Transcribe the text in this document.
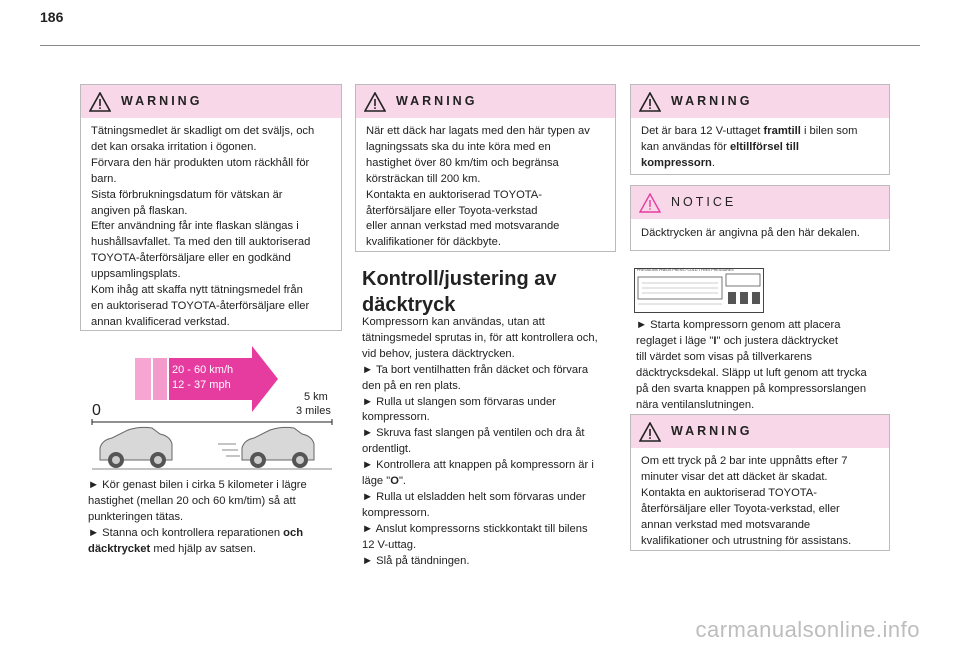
186
WARNING

Tätningsmedlet är skadligt om det sväljs, och

det kan orsaka irritation i ögonen.

Förvara den här produkten utom räckhåll för

barn.

Sista förbrukningsdatum för vätskan är

angiven på flaskan.

Efter användning får inte flaskan slängas i

hushållsavfallet. Ta med den till auktoriserad

TOYOTA-återförsäljare eller en godkänd

uppsamlingsplats.

Kom ihåg att skaffa nytt tätningsmedel från

en auktoriserad TOYOTA-återförsäljare eller

annan kvalificerad verkstad.

20 - 60 km/h
12 - 37 mph
0
5 km
3 miles

► Kör genast bilen i cirka 5 kilometer i lägre

hastighet (mellan 20 och 60 km/tim) så att

punkteringen tätas.

► Stanna och kontrollera reparationen och

däcktrycket med hjälp av satsen.

WARNING

När ett däck har lagats med den här typen av

lagningssats ska du inte köra med en

hastighet över 80 km/tim och begränsa

körsträckan till 200 km.

Kontakta en auktoriserad TOYOTA-

återförsäljare eller Toyota-verkstad

eller annan verkstad med motsvarande

kvalifikationer för däckbyte.

Kontroll/justering av
däcktryck

Kompressorn kan användas, utan att

tätningsmedel sprutas in, för att kontrollera och,

vid behov, justera däcktrycken.

► Ta bort ventilhatten från däcket och förvara

den på en ren plats.

► Rulla ut slangen som förvaras under

kompressorn.

► Skruva fast slangen på ventilen och dra åt

ordentligt.

► Kontrollera att knappen på kompressorn är i

läge "O".

► Rulla ut elsladden helt som förvaras under

kompressorn.

► Anslut kompressorns stickkontakt till bilens

12 V-uttag.

► Slå på tändningen.

WARNING

Det är bara 12 V-uttaget framtill i bilen som

kan användas för eltillförsel till

kompressorn.

NOTICE

Däcktrycken är angivna på den här dekalen.

PRESSIONS PNEUS PRESS / COLD TYRES PRESSURES

► Starta kompressorn genom att placera

reglaget i läge "I" och justera däcktrycket

till värdet som visas på tillverkarens

däcktrycksdekal. Släpp ut luft genom att trycka

på den svarta knappen på kompressorslangen

nära ventilanslutningen.

WARNING

Om ett tryck på 2 bar inte uppnåtts efter 7

minuter visar det att däcket är skadat.

Kontakta en auktoriserad TOYOTA-

återförsäljare eller Toyota-verkstad, eller

annan verkstad med motsvarande

kvalifikationer och utrustning för assistans.

carmanualsonline.info
